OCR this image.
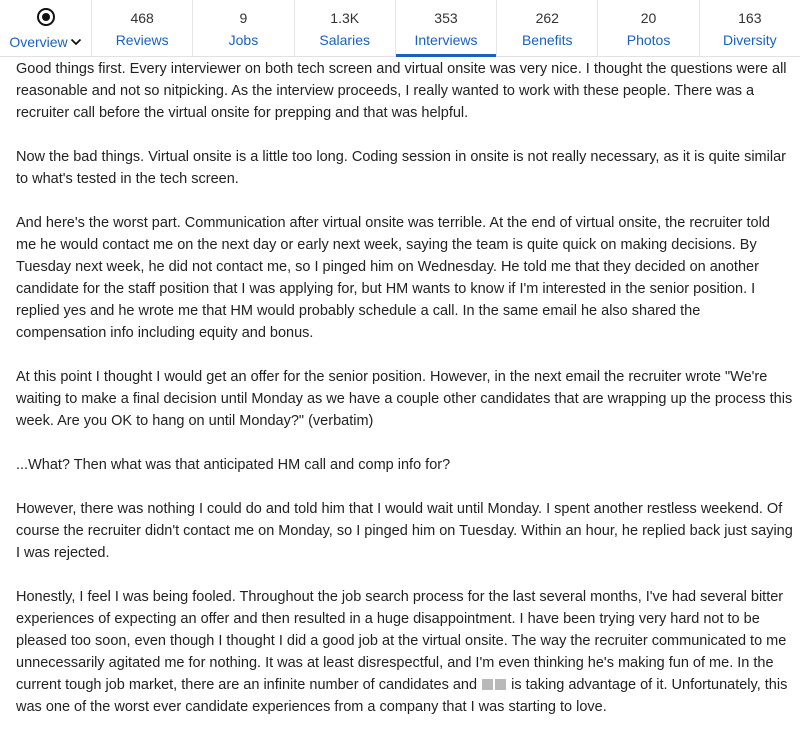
Overview
468
Reviews
9
Jobs
1.3K
Salaries
353
Interviews
262
Benefits
20
Photos
163
Diversity

Good things first. Every interviewer on both tech screen and virtual onsite was very nice. I thought the questions were all reasonable and not so nitpicking. As the interview proceeds, I really wanted to work with these people. There was a recruiter call before the virtual onsite for prepping and that was helpful.

Now the bad things. Virtual onsite is a little too long. Coding session in onsite is not really necessary, as it is quite similar to what's tested in the tech screen.

And here's the worst part. Communication after virtual onsite was terrible. At the end of virtual onsite, the recruiter told me he would contact me on the next day or early next week, saying the team is quite quick on making decisions. By Tuesday next week, he did not contact me, so I pinged him on Wednesday. He told me that they decided on another candidate for the staff position that I was applying for, but HM wants to know if I'm interested in the senior position. I replied yes and he wrote me that HM would probably schedule a call. In the same email he also shared the compensation info including equity and bonus.

At this point I thought I would get an offer for the senior position. However, in the next email the recruiter wrote "We're waiting to make a final decision until Monday as we have a couple other candidates that are wrapping up the process this week. Are you OK to hang on until Monday?" (verbatim)

...What? Then what was that anticipated HM call and comp info for?

However, there was nothing I could do and told him that I would wait until Monday. I spent another restless weekend. Of course the recruiter didn't contact me on Monday, so I pinged him on Tuesday. Within an hour, he replied back just saying I was rejected.

Honestly, I feel I was being fooled. Throughout the job search process for the last several months, I've had several bitter experiences of expecting an offer and then resulted in a huge disappointment. I have been trying very hard not to be pleased too soon, even though I thought I did a good job at the virtual onsite. The way the recruiter communicated to me unnecessarily agitated me for nothing. It was at least disrespectful, and I'm even thinking he's making fun of me. In the current tough job market, there are an infinite number of candidates and is taking advantage of it. Unfortunately, this was one of the worst ever candidate experiences from a company that I was starting to love.
